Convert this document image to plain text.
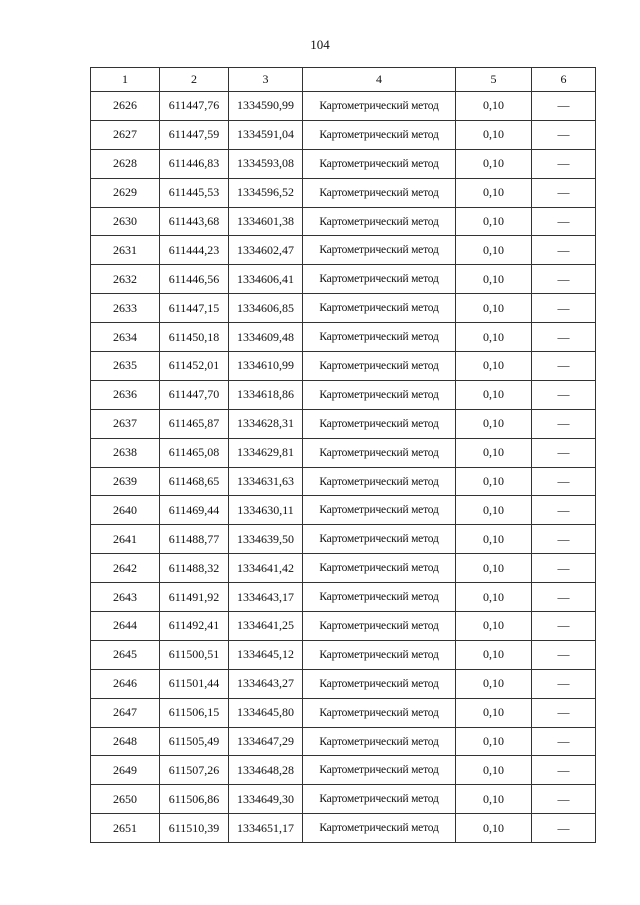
104
1	2	3	4	5	6
2626	611447,76	1334590,99	Картометрический метод	0,10	—
2627	611447,59	1334591,04	Картометрический метод	0,10	—
2628	611446,83	1334593,08	Картометрический метод	0,10	—
2629	611445,53	1334596,52	Картометрический метод	0,10	—
2630	611443,68	1334601,38	Картометрический метод	0,10	—
2631	611444,23	1334602,47	Картометрический метод	0,10	—
2632	611446,56	1334606,41	Картометрический метод	0,10	—
2633	611447,15	1334606,85	Картометрический метод	0,10	—
2634	611450,18	1334609,48	Картометрический метод	0,10	—
2635	611452,01	1334610,99	Картометрический метод	0,10	—
2636	611447,70	1334618,86	Картометрический метод	0,10	—
2637	611465,87	1334628,31	Картометрический метод	0,10	—
2638	611465,08	1334629,81	Картометрический метод	0,10	—
2639	611468,65	1334631,63	Картометрический метод	0,10	—
2640	611469,44	1334630,11	Картометрический метод	0,10	—
2641	611488,77	1334639,50	Картометрический метод	0,10	—
2642	611488,32	1334641,42	Картометрический метод	0,10	—
2643	611491,92	1334643,17	Картометрический метод	0,10	—
2644	611492,41	1334641,25	Картометрический метод	0,10	—
2645	611500,51	1334645,12	Картометрический метод	0,10	—
2646	611501,44	1334643,27	Картометрический метод	0,10	—
2647	611506,15	1334645,80	Картометрический метод	0,10	—
2648	611505,49	1334647,29	Картометрический метод	0,10	—
2649	611507,26	1334648,28	Картометрический метод	0,10	—
2650	611506,86	1334649,30	Картометрический метод	0,10	—
2651	611510,39	1334651,17	Картометрический метод	0,10	—
